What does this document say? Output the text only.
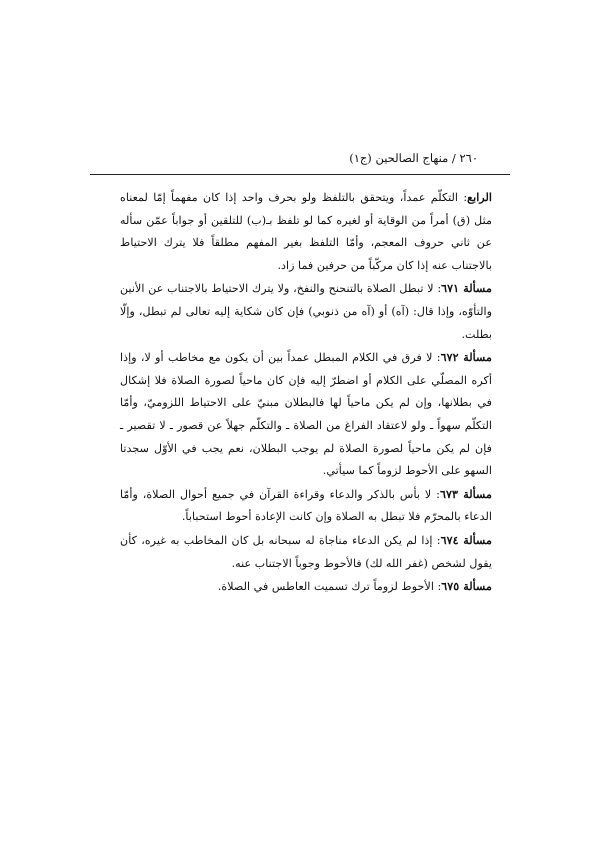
٢٦٠ / منهاج الصالحين (ج١)

الرابع: التكلّم عمداً، ويتحقق بالتلفظ ولو بحرف واحد إذا كان مفهماً إمّا لمعناه مثل (ق) أمراً من الوقاية أو لغيره كما لو تلفظ بـ(ب) للتلقين أو جواباً عمّن سأله عن ثاني حروف المعجم، وأمّا التلفظ بغير المفهم مطلقاً فلا يترك الاحتياط بالاجتناب عنه إذا كان مركّباً من حرفين فما زاد.

مسألة ٦٧١: لا تبطل الصلاة بالتنحنح والنفخ، ولا يترك الاحتياط بالاجتناب عن الأنين والتأوّه، وإذا قال: (آه) أو (آه من ذنوبي) فإن كان شكاية إليه تعالى لم تبطل، وإلّا بطلت.

مسألة ٦٧٢: لا فرق في الكلام المبطل عمداً بين أن يكون مع مخاطب أو لا، وإذا أكره المصلّي على الكلام أو اضطرّ إليه فإن كان ماحياً لصورة الصلاة فلا إشكال في بطلانها، وإن لم يكن ماحياً لها فالبطلان مبنيّ على الاحتياط اللزوميّ، وأمّا التكلّم سهواً ـ ولو لاعتقاد الفراغ من الصلاة ـ والتكلّم جهلاً عن قصور ـ لا تقصير ـ فإن لم يكن ماحياً لصورة الصلاة لم يوجب البطلان، نعم يجب في الأوّل سجدتا السهو على الأحوط لزوماً كما سيأتي.

مسألة ٦٧٣: لا بأس بالذكر والدعاء وقراءة القرآن في جميع أحوال الصلاة، وأمّا الدعاء بالمحرّم فلا تبطل به الصلاة وإن كانت الإعادة أحوط استحباباً.

مسألة ٦٧٤: إذا لم يكن الدعاء مناجاة له سبحانه بل كان المخاطب به غيره، كأن يقول لشخص (غفر الله لك) فالأحوط وجوباً الاجتناب عنه.

مسألة ٦٧٥: الأحوط لزوماً ترك تسميت العاطس في الصلاة.
